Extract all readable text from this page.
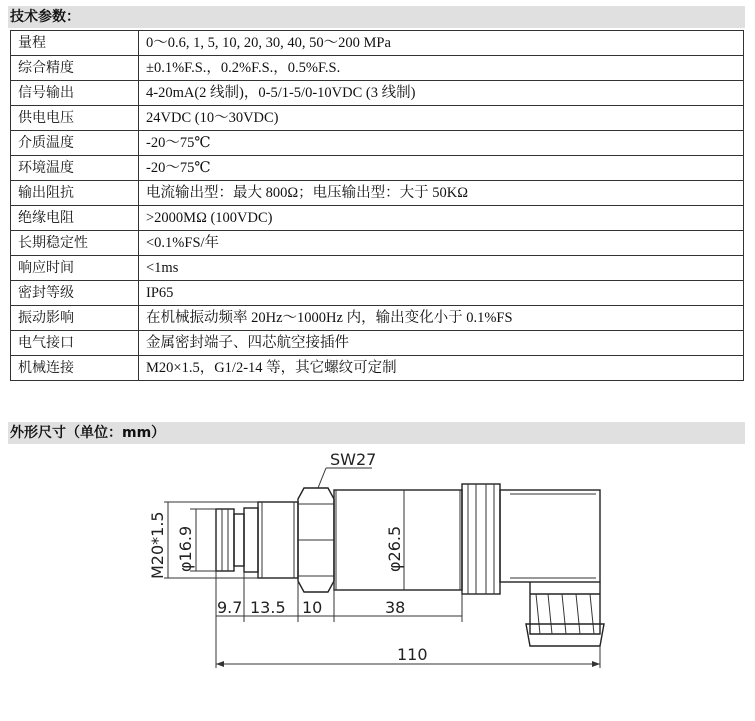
技术参数：
量程	0～0.6, 1, 5, 10, 20, 30, 40, 50～200 MPa
综合精度	±0.1%F.S.，0.2%F.S.，0.5%F.S.
信号输出	4-20mA(2 线制)，0-5/1-5/0-10VDC (3 线制)
供电电压	24VDC (10～30VDC)
介质温度	-20～75℃
环境温度	-20～75℃
输出阻抗	电流输出型：最大 800Ω；电压输出型：大于 50KΩ
绝缘电阻	>2000MΩ (100VDC)
长期稳定性	<0.1%FS/年
响应时间	<1ms
密封等级	IP65
振动影响	在机械振动频率 20Hz～1000Hz 内，输出变化小于 0.1%FS
电气接口	金属密封端子、四芯航空接插件
机械连接	M20×1.5，G1/2-14 等，其它螺纹可定制
外形尺寸（单位：mm）
SW27
M20*1.5 φ16.9	φ26.5
9.7 13.5 10	38
110
